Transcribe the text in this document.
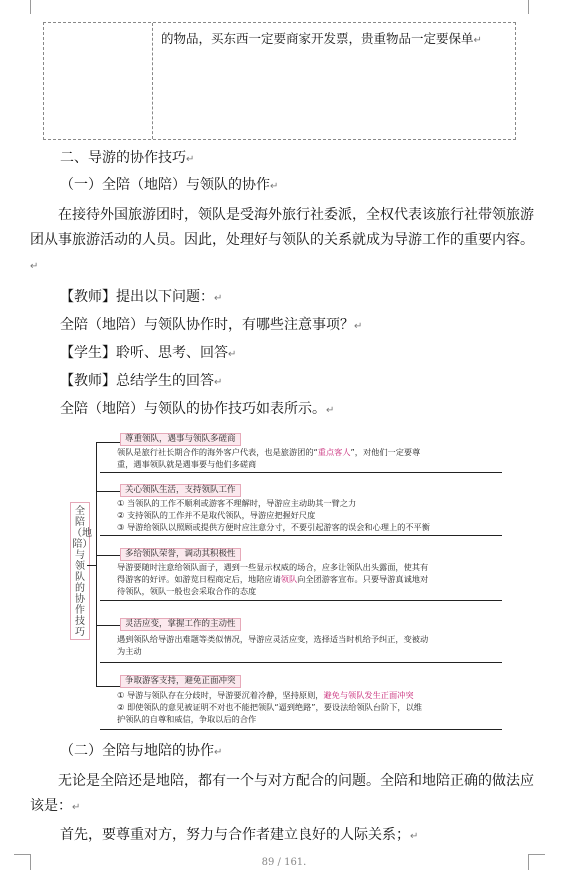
的物品，买东西一定要商家开发票，贵重物品一定要保单↵
二、导游的协作技巧↵
（一）全陪（地陪）与领队的协作↵
在接待外国旅游团时，领队是受海外旅行社委派，全权代表该旅行社带领旅游团从事旅游活动的人员。因此，处理好与领队的关系就成为导游工作的重要内容。↵
【教师】提出以下问题：↵
全陪（地陪）与领队协作时，有哪些注意事项？↵
【学生】聆听、思考、回答↵
【教师】总结学生的回答↵
全陪（地陪）与领队的协作技巧如表所示。↵
全陪（地陪）与领队的协作技巧
尊重领队，遇事与领队多磋商
领队是旅行社长期合作的海外客户代表，也是旅游团的“重点客人”，对他们一定要尊
重，遇事领队就是遇事要与他们多磋商
关心领队生活，支持领队工作
① 当领队的工作不顺利或游客不理解时，导游应主动助其一臂之力
② 支持领队的工作并不是取代领队，导游应把握好尺度
③ 导游给领队以照顾或提供方便时应注意分寸，不要引起游客的误会和心理上的不平衡
多给领队荣誉，调动其积极性
导游要随时注意给领队面子，遇到一些显示权威的场合，应多让领队出头露面，使其有
得游客的好评。如游览日程商定后，地陪应请领队向全团游客宣布。只要导游真诚地对
待领队，领队一般也会采取合作的态度
灵活应变，掌握工作的主动性
遇到领队给导游出难题等类似情况，导游应灵活应变，选择适当时机给予纠正，变被动
为主动
争取游客支持，避免正面冲突
① 导游与领队存在分歧时，导游要沉着冷静，坚持原则，避免与领队发生正面冲突
② 即使领队的意见被证明不对也不能把领队“逼到绝路”，要设法给领队台阶下，以维
护领队的自尊和威信，争取以后的合作
（二）全陪与地陪的协作↵
无论是全陪还是地陪，都有一个与对方配合的问题。全陪和地陪正确的做法应该是：↵
首先，要尊重对方，努力与合作者建立良好的人际关系；↵
89 / 161.
